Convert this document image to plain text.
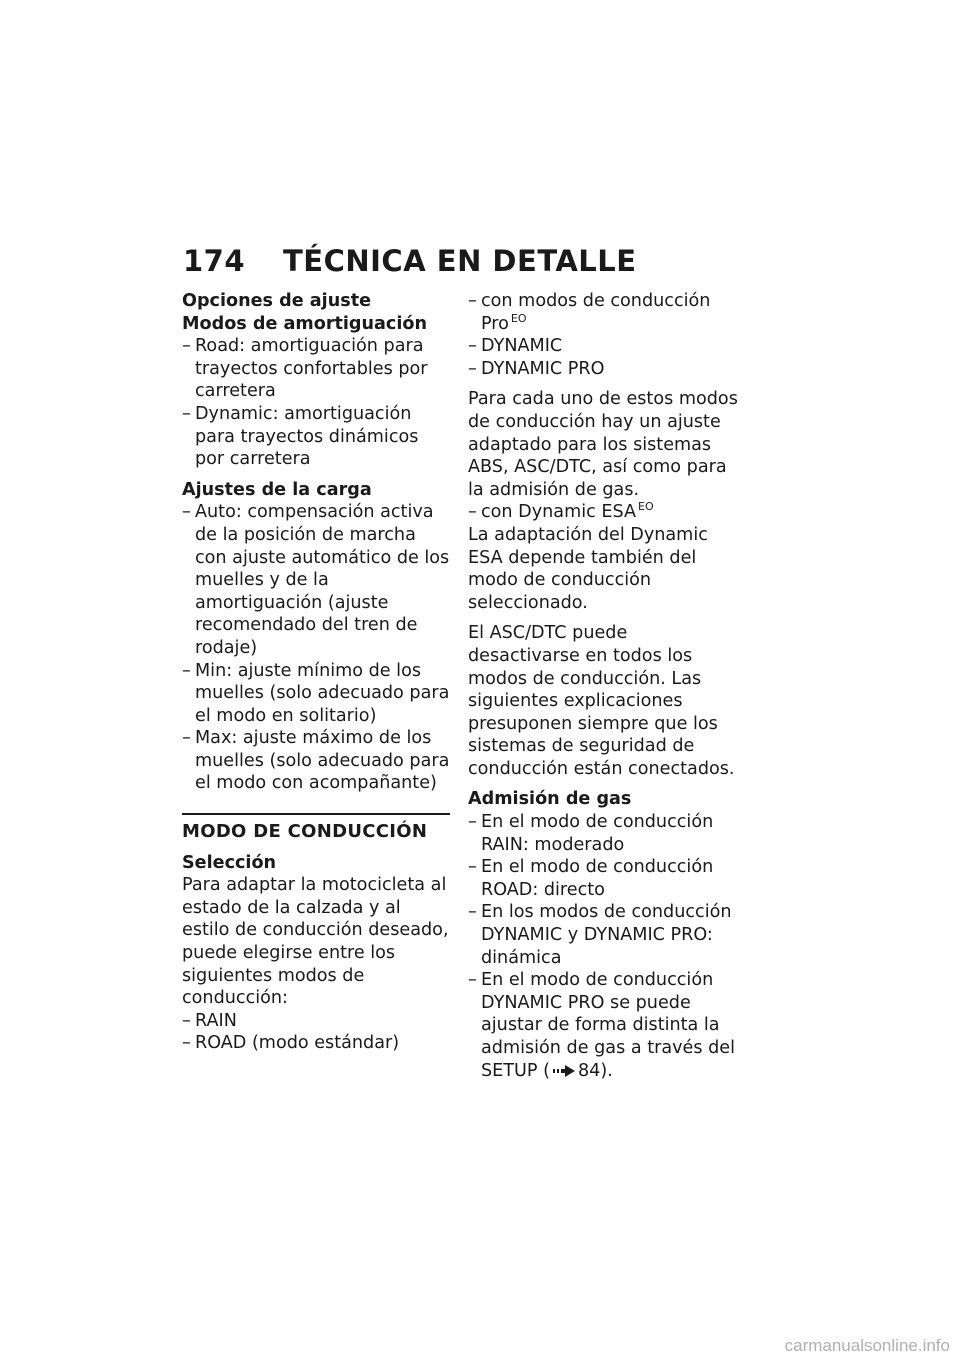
174 TÉCNICA EN DETALLE

Opciones de ajuste

Modos de amortiguación

– Road: amortiguación para trayectos confortables por carretera
– Dynamic: amortiguación para trayectos dinámicos por carretera

Ajustes de la carga

– Auto: compensación activa de la posición de marcha con ajuste automático de los muelles y de la amortiguación (ajuste recomendado del tren de rodaje)
– Min: ajuste mínimo de los muelles (solo adecuado para el modo en solitario)
– Max: ajuste máximo de los muelles (solo adecuado para el modo con acompañante)
MODO DE CONDUCCIÓN

Selección

Para adaptar la motocicleta al estado de la calzada y al estilo de conducción deseado, puede elegirse entre los siguientes modos de conducción:

– RAIN
– ROAD (modo estándar)
– con modos de conducción Pro $^{EO}$
– DYNAMIC
– DYNAMIC PRO

Para cada uno de estos modos de conducción hay un ajuste adaptado para los sistemas ABS, ASC/DTC, así como para la admisión de gas.

– con Dynamic ESA $^{EO}$

La adaptación del Dynamic ESA depende también del modo de conducción seleccionado.

El ASC/DTC puede desactivarse en todos los modos de conducción. Las siguientes explicaciones presuponen siempre que los sistemas de seguridad de conducción están conectados.

Admisión de gas

– En el modo de conducción RAIN: moderado
– En el modo de conducción ROAD: directo
– En los modos de conducción DYNAMIC y DYNAMIC PRO: dinámica
– En el modo de conducción DYNAMIC PRO se puede ajustar de forma distinta la admisión de gas a través del SETUP ( 84).
carmanualsonline.info
